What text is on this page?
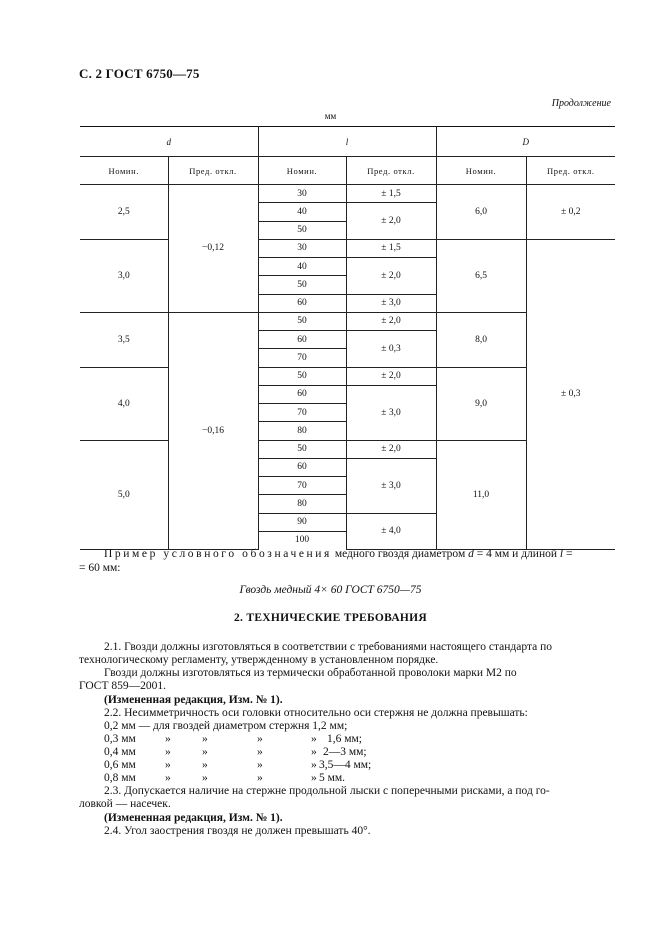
С. 2 ГОСТ 6750—75
Продолжение
мм
d		l		D	
Номин.	Пред. откл.	Номин.	Пред. откл.	Номин.	Пред. откл.
2,5	−0,12	30	± 1,5	6,0	± 0,2
		40	± 2,0		
		50			
3,0		30	± 1,5	6,5	± 0,3
		40	± 2,0		
		50			
		60	± 3,0		
3,5	−0,16	50	± 2,0	8,0	
		60	± 0,3		
		70			
4,0		50	± 2,0	9,0	
		60	± 3,0		
		70			
		80			
5,0		50	± 2,0	11,0	
		60	± 3,0		
		70			
		80			
		90	± 4,0		
		100			
Пример условного обозначения медного гвоздя диаметром d = 4 мм и длиной l =
= 60 мм:
Гвоздь медный 4× 60 ГОСТ 6750—75
2. ТЕХНИЧЕСКИЕ ТРЕБОВАНИЯ
2.1. Гвозди должны изготовляться в соответствии с требованиями настоящего стандарта по
технологическому регламенту, утвержденному в установленном порядке.
Гвозди должны изготовляться из термически обработанной проволоки марки М2 по
ГОСТ 859—2001.
(Измененная редакция, Изм. № 1).
2.2. Несимметричность оси головки относительно оси стержня не должна превышать:
0,2 мм — для гвоздей диаметром стержня 1,2 мм;
0,3 мм	»	»	»	» 1,6 мм;
0,4 мм	»	»	»	» 2—3 мм;
0,6 мм	»	»	»	» 3,5—4 мм;
0,8 мм	»	»	»	» 5 мм.
2.3. Допускается наличие на стержне продольной лыски с поперечными рисками, а под го-
ловкой — насечек.
(Измененная редакция, Изм. № 1).
2.4. Угол заострения гвоздя не должен превышать 40°.
